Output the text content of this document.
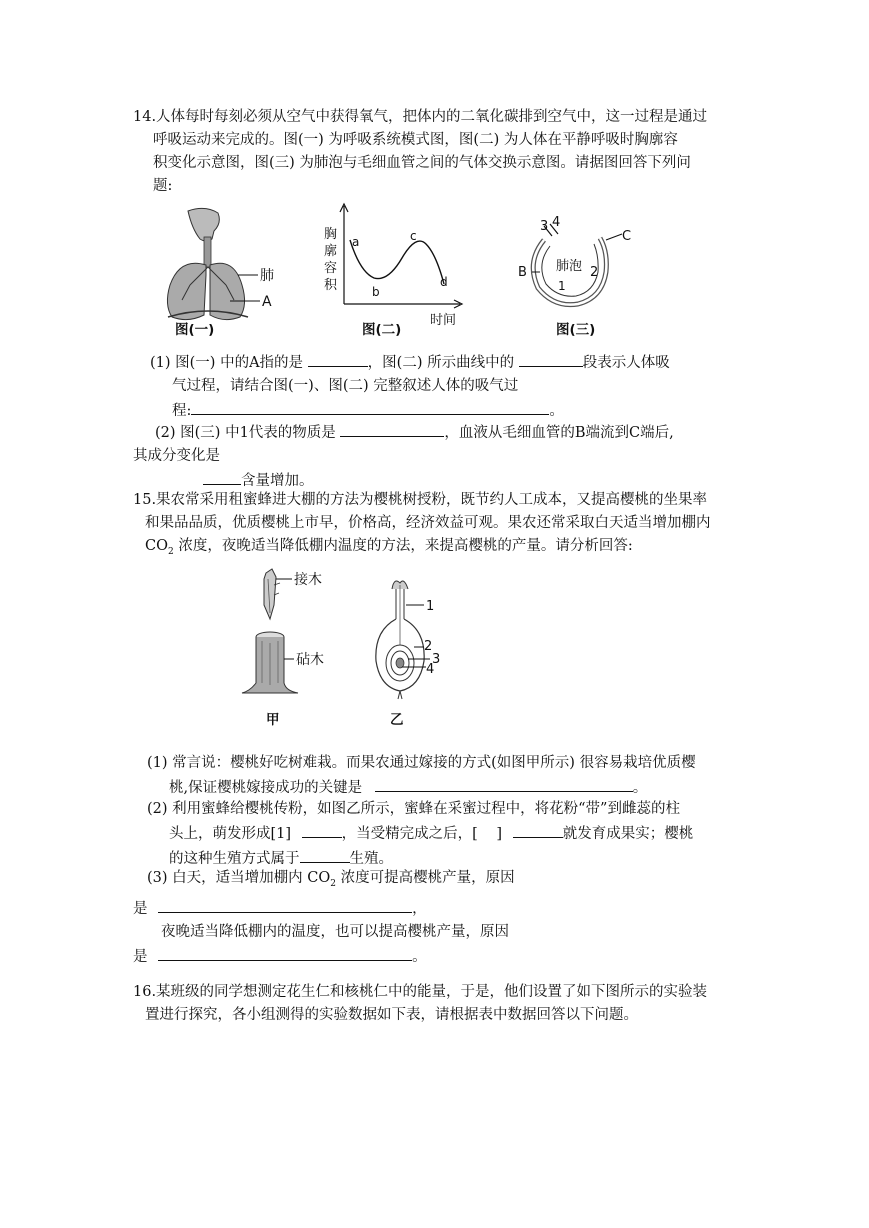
14.人体每时每刻必须从空气中获得氧气，把体内的二氧化碳排到空气中，这一过程是通过
呼吸运动来完成的。图(一) 为呼吸系统模式图，图(二) 为人体在平静呼吸时胸廓容
积变化示意图，图(三) 为肺泡与毛细血管之间的气体交换示意图。请据图回答下列问
题:
肺
A
图(一)
胸
廓
容
积
a
b
c
d
时间
图(二)
3 4
C
B 肺泡 2
1
图(三)
(1) 图(一) 中的A指的是	，图(二) 所示曲线中的	段表示人体吸
气过程，请结合图(一)、图(二) 完整叙述人体的吸气过
程:	。
(2) 图(三) 中1代表的物质是	，血液从毛细血管的B端流到C端后,
其成分变化是
含量增加。
15.果农常采用租蜜蜂进大棚的方法为樱桃树授粉，既节约人工成本，又提高樱桃的坐果率
和果品品质，优质樱桃上市早，价格高，经济效益可观。果农还常采取白天适当增加棚内
$CO_2$ 浓度，夜晚适当降低棚内温度的方法，来提高樱桃的产量。请分析回答:
接木
砧木
甲
1
2
3
4
乙
(1) 常言说：樱桃好吃树难栽。而果农通过嫁接的方式(如图甲所示) 很容易栽培优质樱
桃,保证樱桃嫁接成功的关键是	。
(2) 利用蜜蜂给樱桃传粉，如图乙所示，蜜蜂在采蜜过程中，将花粉“带”到雌蕊的柱
头上，萌发形成[1]	，当受精完成之后，[ ]	就发育成果实；樱桃
的这种生殖方式属于	生殖。
(3) 白天，适当增加棚内 $CO_2$ 浓度可提高樱桃产量，原因
是	，
夜晚适当降低棚内的温度，也可以提高樱桃产量，原因
是	。
16.某班级的同学想测定花生仁和核桃仁中的能量，于是，他们设置了如下图所示的实验装
置进行探究，各小组测得的实验数据如下表，请根据表中数据回答以下问题。
